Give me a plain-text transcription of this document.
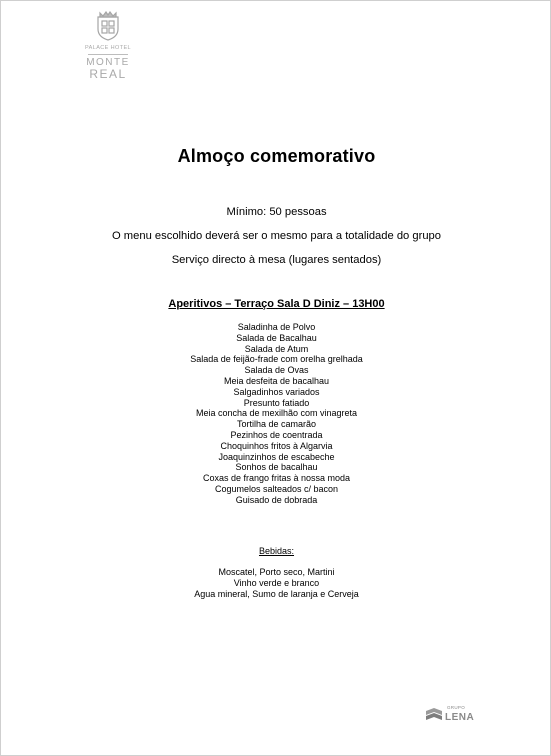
PALACE HOTEL
MONTE
REAL
Almoço comemorativo
Mínimo: 50 pessoas
O menu escolhido deverá ser o mesmo para a totalidade do grupo
Serviço directo à mesa (lugares sentados)
Aperitivos – Terraço Sala D Diniz – 13H00
Saladinha de Polvo
Salada de Bacalhau
Salada de Atum
Salada de feijão-frade com orelha grelhada
Salada de Ovas
Meia desfeita de bacalhau
Salgadinhos variados
Presunto fatiado
Meia concha de mexilhão com vinagreta
Tortilha de camarão
Pezinhos de coentrada
Choquinhos fritos à Algarvia
Joaquinzinhos de escabeche
Sonhos de bacalhau
Coxas de frango fritas à nossa moda
Cogumelos salteados c/ bacon
Guisado de dobrada
Bebidas:
Moscatel, Porto seco, Martini
Vinho verde e branco
Agua mineral, Sumo de laranja e Cerveja
GRUPO
LENA
